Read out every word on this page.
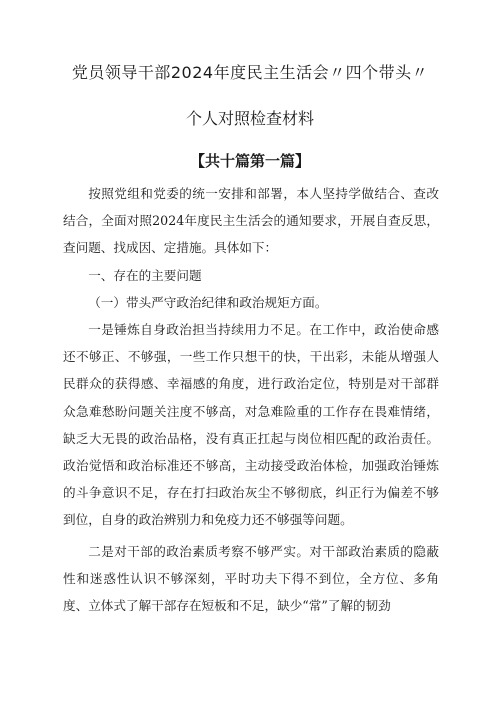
党员领导干部2024年度民主生活会〃四个带头〃
个人对照检查材料
【共十篇第一篇】

按照党组和党委的统一安排和部署，本人坚持学做结合、查改结合，全面对照2024年度民主生活会的通知要求，开展自查反思，查问题、找成因、定措施。具体如下：

一、存在的主要问题

（一）带头严守政治纪律和政治规矩方面。

一是锤炼自身政治担当持续用力不足。在工作中，政治使命感还不够正、不够强，一些工作只想干的快，干出彩，未能从增强人民群众的获得感、幸福感的角度，进行政治定位，特别是对干部群众急难愁盼问题关注度不够高，对急难险重的工作存在畏难情绪，缺乏大无畏的政治品格，没有真正扛起与岗位相匹配的政治责任。政治觉悟和政治标准还不够高，主动接受政治体检，加强政治锤炼的斗争意识不足，存在打扫政治灰尘不够彻底，纠正行为偏差不够到位，自身的政治辨别力和免疫力还不够强等问题。

二是对干部的政治素质考察不够严实。对干部政治素质的隐蔽性和迷惑性认识不够深刻，平时功夫下得不到位，全方位、多角度、立体式了解干部存在短板和不足，缺少“常”了解的韧劲
